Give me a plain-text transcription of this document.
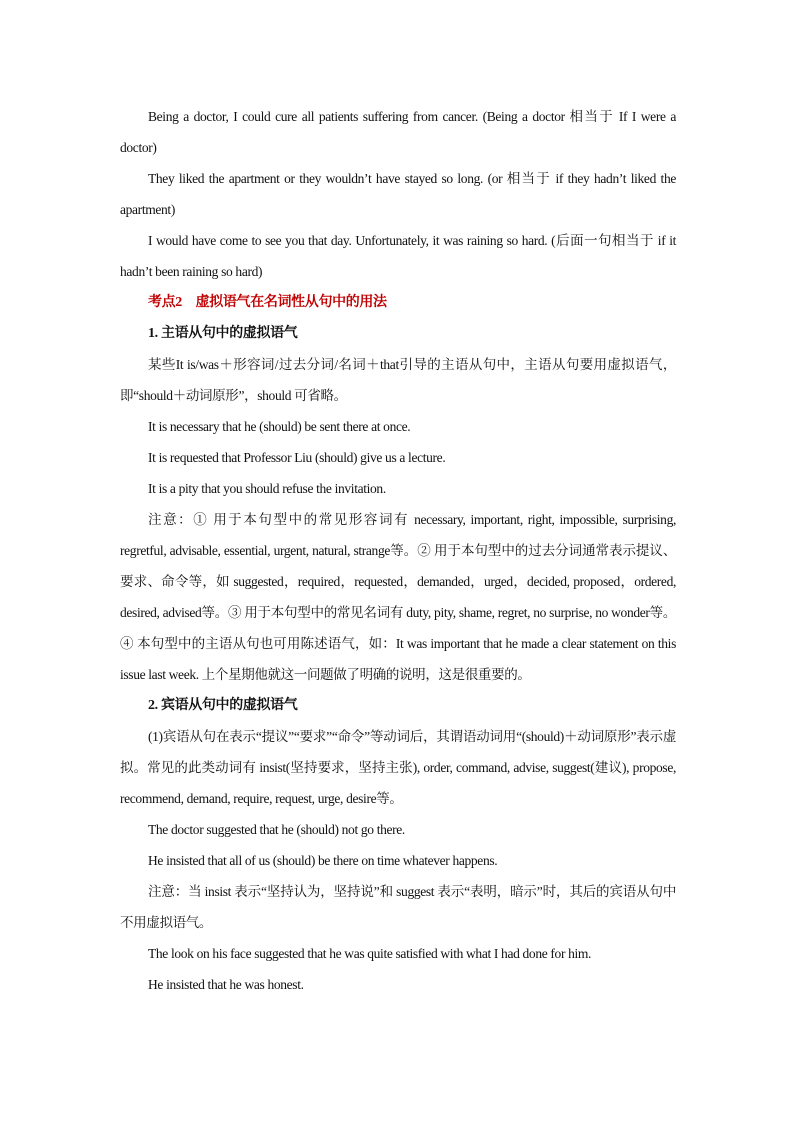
Being a doctor, I could cure all patients suffering from cancer. (Being a doctor 相当于 If I were a doctor)

They liked the apartment or they wouldn’t have stayed so long. (or 相当于 if they hadn’t liked the apartment)

I would have come to see you that day. Unfortunately, it was raining so hard. (后面一句相当于 if it hadn’t been raining so hard)

考点2　虚拟语气在名词性从句中的用法

1. 主语从句中的虚拟语气

某些It is/was＋形容词/过去分词/名词＋that引导的主语从句中，主语从句要用虚拟语气，即“should＋动词原形”，should 可省略。

It is necessary that he (should) be sent there at once.

It is requested that Professor Liu (should) give us a lecture.

It is a pity that you should refuse the invitation.

注意：① 用于本句型中的常见形容词有 necessary, important, right, impossible, surprising, regretful, advisable, essential, urgent, natural, strange等。② 用于本句型中的过去分词通常表示提议、要求、命令等，如 suggested，required，requested，demanded，urged，decided, proposed，ordered, desired, advised等。③ 用于本句型中的常见名词有 duty, pity, shame, regret, no surprise, no wonder等。④ 本句型中的主语从句也可用陈述语气，如：It was important that he made a clear statement on this issue last week. 上个星期他就这一问题做了明确的说明，这是很重要的。

2. 宾语从句中的虚拟语气

(1)宾语从句在表示“提议”“要求”“命令”等动词后，其谓语动词用“(should)＋动词原形”表示虚拟。常见的此类动词有 insist(坚持要求，坚持主张), order, command, advise, suggest(建议), propose, recommend, demand, require, request, urge, desire等。

The doctor suggested that he (should) not go there.

He insisted that all of us (should) be there on time whatever happens.

注意：当 insist 表示“坚持认为，坚持说”和 suggest 表示“表明，暗示”时，其后的宾语从句中不用虚拟语气。

The look on his face suggested that he was quite satisfied with what I had done for him.

He insisted that he was honest.
